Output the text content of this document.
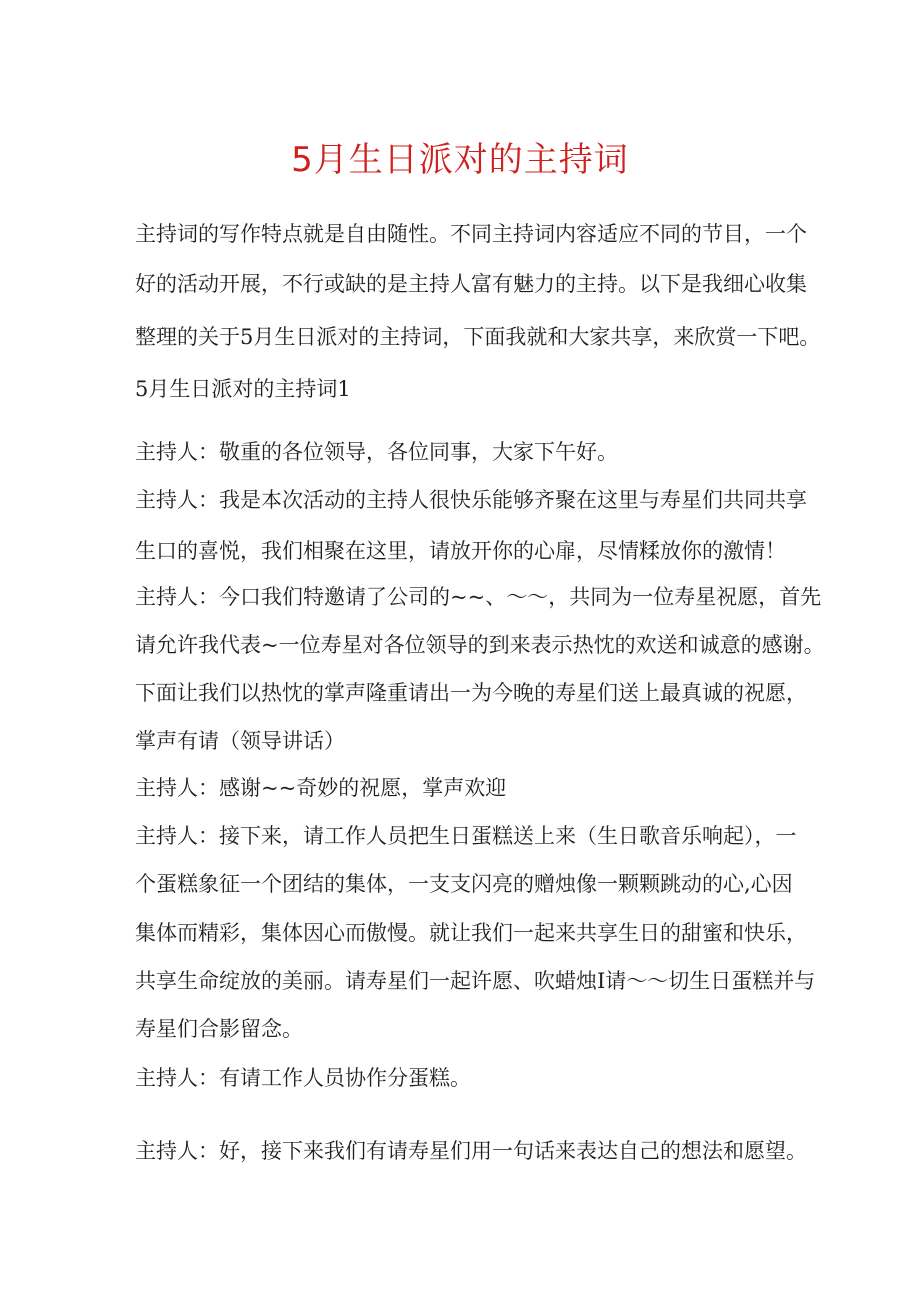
5月生日派对的主持词
主持词的写作特点就是自由随性。不同主持词内容适应不同的节目，一个
好的活动开展，不行或缺的是主持人富有魅力的主持。以下是我细心收集
整理的关于5月生日派对的主持词，下面我就和大家共享，来欣赏一下吧。
5月生日派对的主持词1
主持人：敬重的各位领导，各位同事，大家下午好。
主持人：我是本次活动的主持人很快乐能够齐聚在这里与寿星们共同共享
生口的喜悦，我们相聚在这里，请放开你的心扉，尽情糅放你的激情！
主持人：今口我们特邀请了公司的~~、～～，共同为一位寿星祝愿，首先
请允许我代表~一位寿星对各位领导的到来表示热忱的欢送和诚意的感谢。
下面让我们以热忱的掌声隆重请出一为今晚的寿星们送上最真诚的祝愿，
掌声有请（领导讲话）
主持人：感谢~~奇妙的祝愿，掌声欢迎
主持人：接下来，请工作人员把生日蛋糕送上来（生日歌音乐响起），一
个蛋糕象征一个团结的集体，一支支闪亮的赠烛像一颗颗跳动的心,心因
集体而精彩，集体因心而傲慢。就让我们一起来共享生日的甜蜜和快乐，
共享生命绽放的美丽。请寿星们一起许愿、吹蜡烛I请～～切生日蛋糕并与
寿星们合影留念。
主持人：有请工作人员协作分蛋糕。
主持人：好，接下来我们有请寿星们用一句话来表达自己的想法和愿望。
